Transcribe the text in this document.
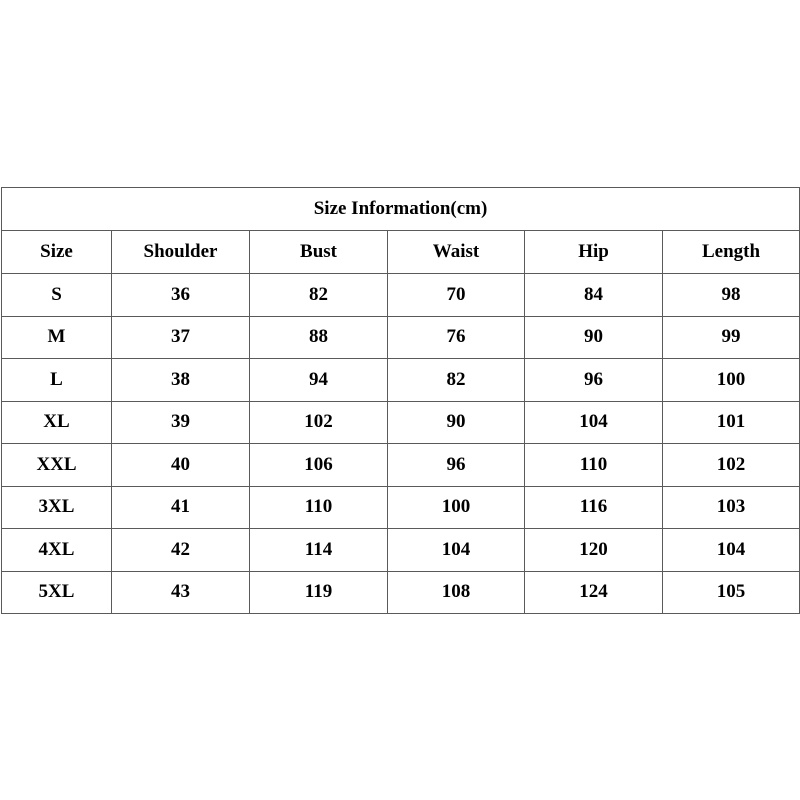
Size Information(cm)					
Size	Shoulder	Bust	Waist	Hip	Length
S	36	82	70	84	98
M	37	88	76	90	99
L	38	94	82	96	100
XL	39	102	90	104	101
XXL	40	106	96	110	102
3XL	41	110	100	116	103
4XL	42	114	104	120	104
5XL	43	119	108	124	105
